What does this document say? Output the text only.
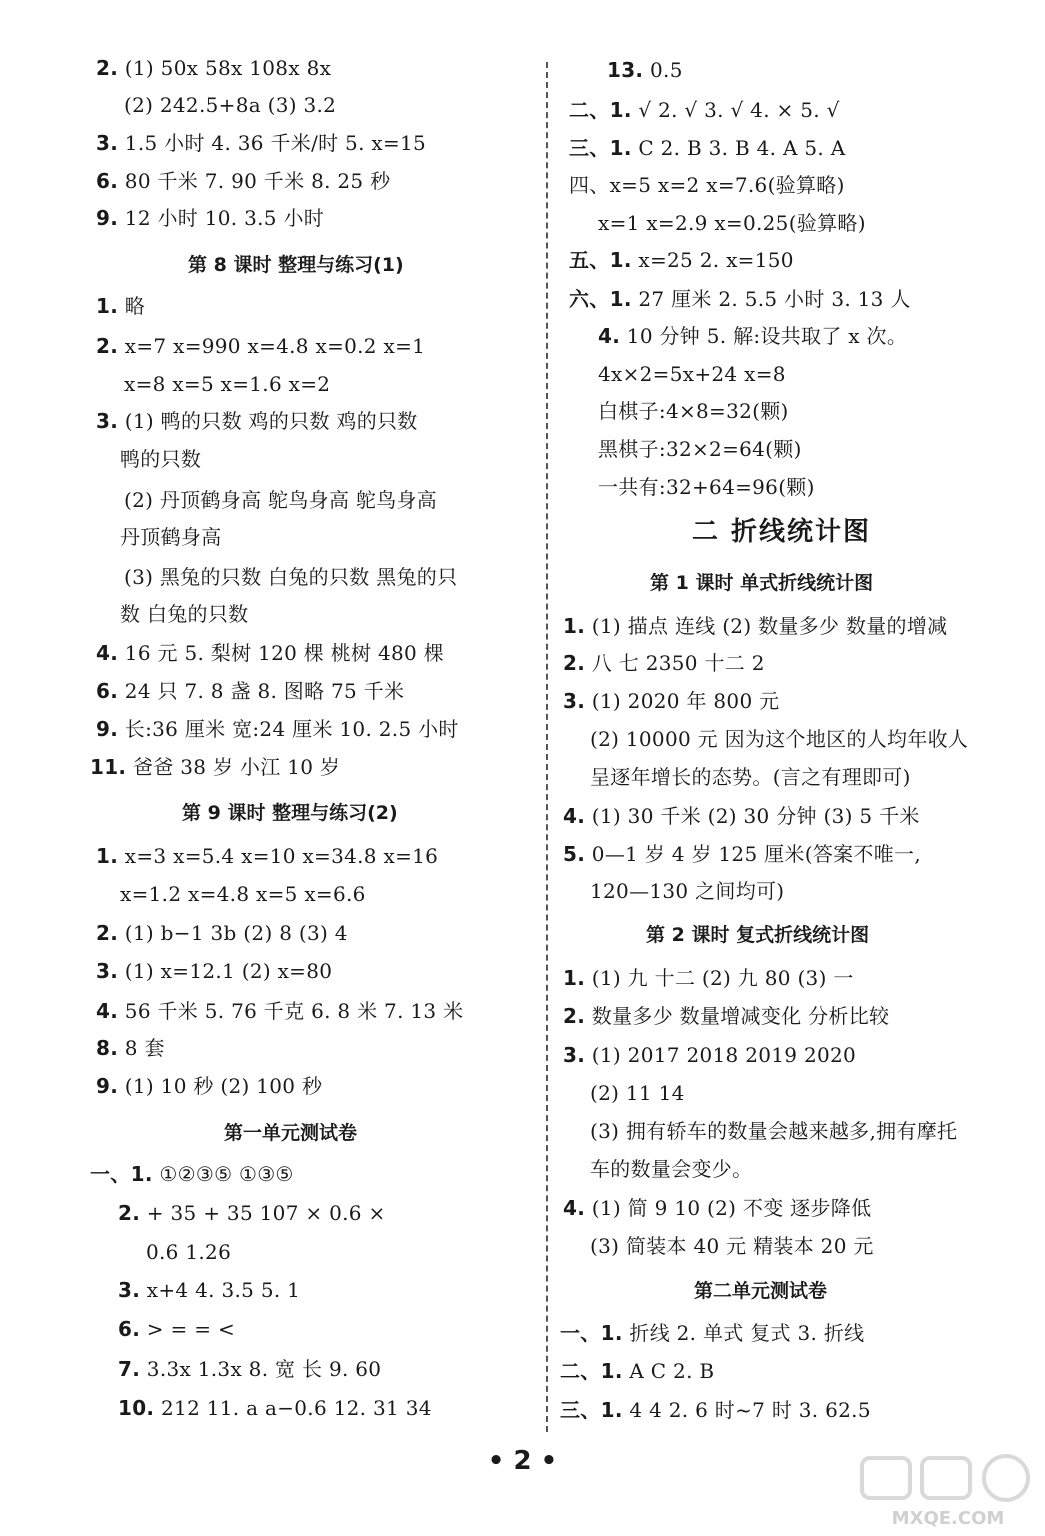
2. (1) 50x 58x 108x 8x
(2) 242.5+8a (3) 3.2
3. 1.5 小时 4. 36 千米/时 5. x=15
6. 80 千米 7. 90 千米 8. 25 秒
9. 12 小时 10. 3.5 小时
第 8 课时 整理与练习(1)
1. 略
2. x=7 x=990 x=4.8 x=0.2 x=1
x=8 x=5 x=1.6 x=2
3. (1) 鸭的只数 鸡的只数 鸡的只数
鸭的只数
(2) 丹顶鹤身高 鸵鸟身高 鸵鸟身高
丹顶鹤身高
(3) 黑兔的只数 白兔的只数 黑兔的只
数 白兔的只数
4. 16 元 5. 梨树 120 棵 桃树 480 棵
6. 24 只 7. 8 盏 8. 图略 75 千米
9. 长:36 厘米 宽:24 厘米 10. 2.5 小时
11. 爸爸 38 岁 小江 10 岁
第 9 课时 整理与练习(2)
1. x=3 x=5.4 x=10 x=34.8 x=16
x=1.2 x=4.8 x=5 x=6.6
2. (1) b−1 3b (2) 8 (3) 4
3. (1) x=12.1 (2) x=80
4. 56 千米 5. 76 千克 6. 8 米 7. 13 米
8. 8 套
9. (1) 10 秒 (2) 100 秒
第一单元测试卷
一、1. ①②③⑤ ①③⑤
2. + 35 + 35 107 × 0.6 ×
0.6 1.26
3. x+4 4. 3.5 5. 1
6. > = = <
7. 3.3x 1.3x 8. 宽 长 9. 60
10. 212 11. a a−0.6 12. 31 34
13. 0.5
二、1. √ 2. √ 3. √ 4. × 5. √
三、1. C 2. B 3. B 4. A 5. A
四、x=5 x=2 x=7.6(验算略)
x=1 x=2.9 x=0.25(验算略)
五、1. x=25 2. x=150
六、1. 27 厘米 2. 5.5 小时 3. 13 人
4. 10 分钟 5. 解:设共取了 x 次。
4x×2=5x+24 x=8
白棋子:4×8=32(颗)
黑棋子:32×2=64(颗)
一共有:32+64=96(颗)
二 折线统计图
第 1 课时 单式折线统计图
1. (1) 描点 连线 (2) 数量多少 数量的增减
2. 八 七 2350 十二 2
3. (1) 2020 年 800 元
(2) 10000 元 因为这个地区的人均年收人
呈逐年增长的态势。(言之有理即可)
4. (1) 30 千米 (2) 30 分钟 (3) 5 千米
5. 0—1 岁 4 岁 125 厘米(答案不唯一,
120—130 之间均可)
第 2 课时 复式折线统计图
1. (1) 九 十二 (2) 九 80 (3) 一
2. 数量多少 数量增减变化 分析比较
3. (1) 2017 2018 2019 2020
(2) 11 14
(3) 拥有轿车的数量会越来越多,拥有摩托
车的数量会变少。
4. (1) 简 9 10 (2) 不变 逐步降低
(3) 简装本 40 元 精装本 20 元
第二单元测试卷
一、1. 折线 2. 单式 复式 3. 折线
二、1. A C 2. B
三、1. 4 4 2. 6 时~7 时 3. 62.5
• 2 •
MXQE.COM
